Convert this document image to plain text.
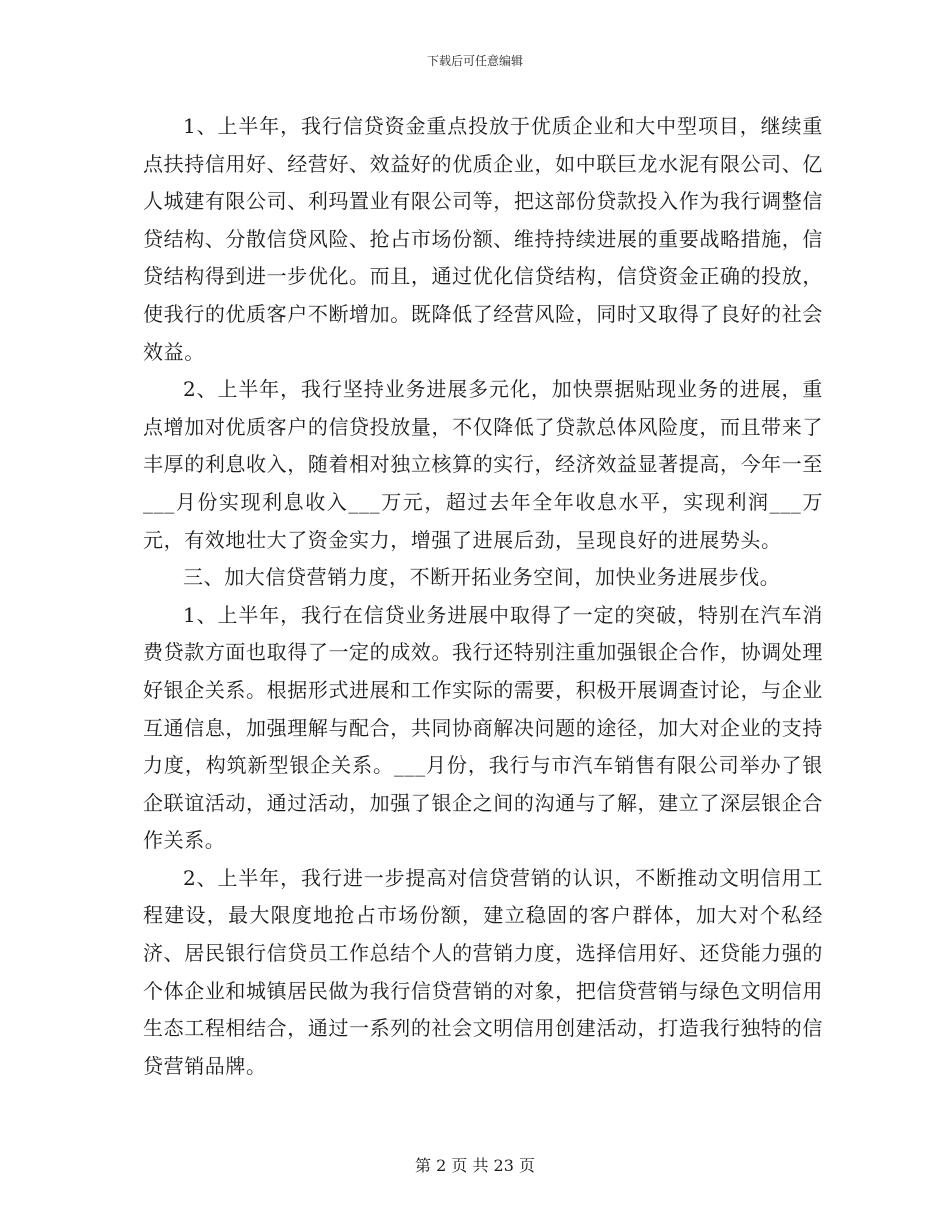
下载后可任意编辑

1、上半年，我行信贷资金重点投放于优质企业和大中型项目，继续重点扶持信用好、经营好、效益好的优质企业，如中联巨龙水泥有限公司、亿人城建有限公司、利玛置业有限公司等，把这部份贷款投入作为我行调整信贷结构、分散信贷风险、抢占市场份额、维持持续进展的重要战略措施，信贷结构得到进一步优化。而且，通过优化信贷结构，信贷资金正确的投放，使我行的优质客户不断增加。既降低了经营风险，同时又取得了良好的社会效益。

2、上半年，我行坚持业务进展多元化，加快票据贴现业务的进展，重点增加对优质客户的信贷投放量，不仅降低了贷款总体风险度，而且带来了丰厚的利息收入，随着相对独立核算的实行，经济效益显著提高，今年一至___月份实现利息收入___万元，超过去年全年收息水平，实现利润___万元，有效地壮大了资金实力，增强了进展后劲，呈现良好的进展势头。

三、加大信贷营销力度，不断开拓业务空间，加快业务进展步伐。

1、上半年，我行在信贷业务进展中取得了一定的突破，特别在汽车消费贷款方面也取得了一定的成效。我行还特别注重加强银企合作，协调处理好银企关系。根据形式进展和工作实际的需要，积极开展调查讨论，与企业互通信息，加强理解与配合，共同协商解决问题的途径，加大对企业的支持力度，构筑新型银企关系。___月份，我行与市汽车销售有限公司举办了银企联谊活动，通过活动，加强了银企之间的沟通与了解，建立了深层银企合作关系。

2、上半年，我行进一步提高对信贷营销的认识，不断推动文明信用工程建设，最大限度地抢占市场份额，建立稳固的客户群体，加大对个私经济、居民银行信贷员工作总结个人的营销力度，选择信用好、还贷能力强的个体企业和城镇居民做为我行信贷营销的对象，把信贷营销与绿色文明信用生态工程相结合，通过一系列的社会文明信用创建活动，打造我行独特的信贷营销品牌。

第 2 页 共 23 页
